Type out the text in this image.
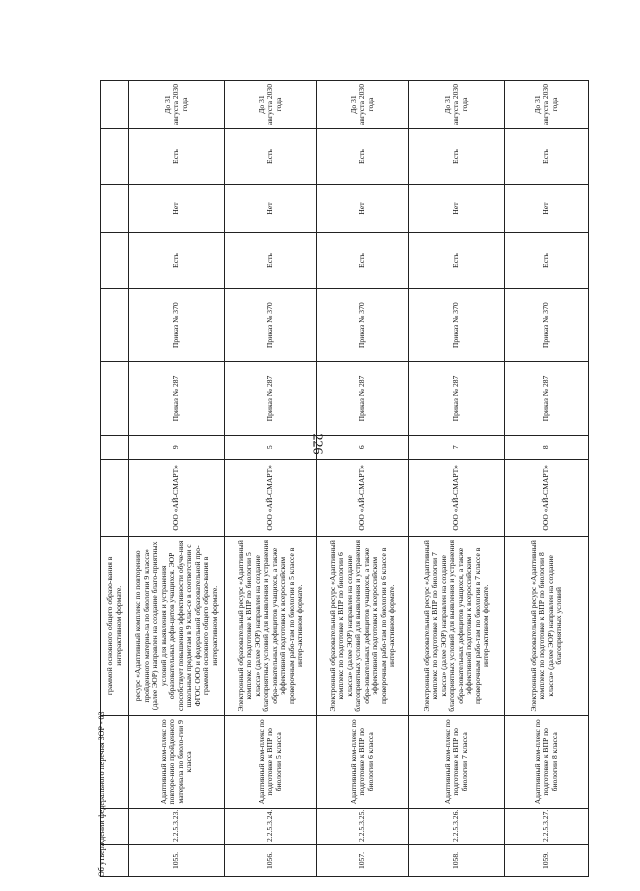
226
			граммой основного общего образо-вания в интерактивном формате.								
1055.	2.2.5.3.23.	Адаптивный ком-плекс по повторе-нию пройденного материала по биоло-гии 9 класса	ресурс «Адаптивный комплекс по повторению пройденного материа-ла по биологии 9 класса» (далее ЭОР) направлен на создание благо-приятных условий для выявления и устранения образовательных дефи-цитов учащихся. ЭОР способствует повышению эффективности обуче-ния школьным предметам в 9 клас-се в соответствии с ФГОС ООО и федеральной образовательной про-граммой основного общего образо-вания в интерактивном формате.	ООО «АЙ-СМАРТ»	9	Приказ № 287	Приказ № 370	Есть	Нет	Есть	До 31 августа 2030 года
1056.	2.2.5.3.24.	Адаптивный ком-плекс по подготовке к ВПР по биологии 5 класса	Электронный образовательный ресурс «Адаптивный комплекс по подготовке к ВПР по биологии 5 класса» (далее ЭОР) направлен на создание благоприятных условий для выявления и устранения обра-зовательных дефицитов учащихся, а также эффективной подготовки к всероссийским проверочным рабо-там по биологии в 5 классе в интер-активном формате.	ООО «АЙ-СМАРТ»	5	Приказ № 287	Приказ № 370	Есть	Нет	Есть	До 31 августа 2030 года
1057.	2.2.5.3.25.	Адаптивный ком-плекс по подготовке к ВПР по биологии 6 класса	Электронный образовательный ресурс «Адаптивный комплекс по подготовке к ВПР по биологии 6 класса» (далее ЭОР) направлен на создание благоприятных условий для выявления и устранения обра-зовательных дефицитов учащихся, а также эффективной подготовки к всероссийским проверочным рабо-там по биологии в 6 классе в интер-активном формате.	ООО «АЙ-СМАРТ»	6	Приказ № 287	Приказ № 370	Есть	Нет	Есть	До 31 августа 2030 года
1058.	2.2.5.3.26.	Адаптивный ком-плекс по подготовке к ВПР по биологии 7 класса	Электронный образовательный ресурс «Адаптивный комплекс по подготовке к ВПР по биологии 7 класса» (далее ЭОР) направлен на создание благоприятных условий для выявления и устранения обра-зовательных дефицитов учащихся, а также эффективной подготовки к всероссийским проверочным рабо-там по биологии в 7 классе в интер-активном формате.	ООО «АЙ-СМАРТ»	7	Приказ № 287	Приказ № 370	Есть	Нет	Есть	До 31 августа 2030 года
1059.	2.2.5.3.27.	Адаптивный ком-плекс по подготовке к ВПР по биологии 8 класса	Электронный образовательный ресурс «Адаптивный комплекс по подготовке к ВПР по биологии 8 класса» (далее ЭОР) направлен на создание благоприятных условий	ООО «АЙ-СМАРТ»	8	Приказ № 287	Приказ № 370	Есть	Нет	Есть	До 31 августа 2030 года
Об утверждении федерального перечня ЗОР - 03
